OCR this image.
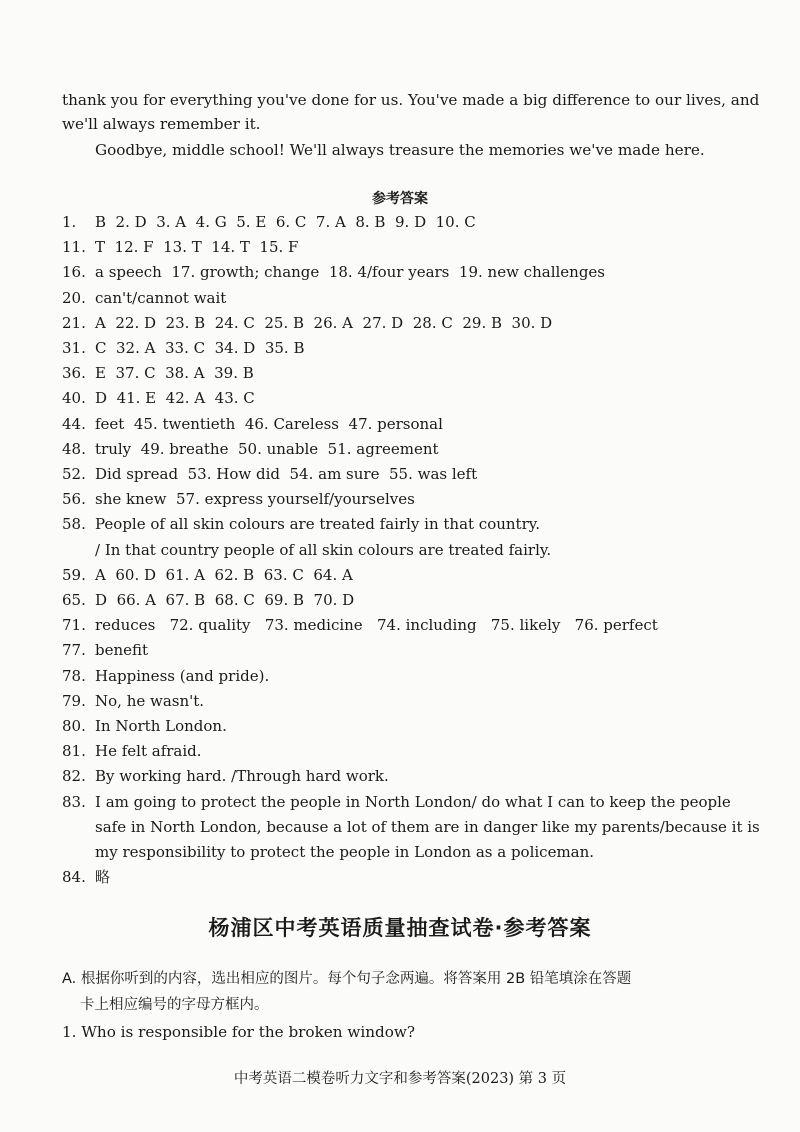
thank you for everything you've done for us. You've made a big difference to our lives, and
we'll always remember it.
Goodbye, middle school! We'll always treasure the memories we've made here.
参考答案
1. B  2. D  3. A  4. G  5. E  6. C  7. A  8. B  9. D  10. C
11. T  12. F  13. T  14. T  15. F
16. a speech  17. growth; change  18. 4/four years  19. new challenges
20. can't/cannot wait
21. A  22. D  23. B  24. C  25. B  26. A  27. D  28. C  29. B  30. D
31. C  32. A  33. C  34. D  35. B
36. E  37. C  38. A  39. B
40. D  41. E  42. A  43. C
44. feet  45. twentieth  46. Careless  47. personal
48. truly  49. breathe  50. unable  51. agreement
52. Did spread  53. How did  54. am sure  55. was left
56. she knew  57. express yourself/yourselves
58. People of all skin colours are treated fairly in that country.
/ In that country people of all skin colours are treated fairly.
59. A  60. D  61. A  62. B  63. C  64. A
65. D  66. A  67. B  68. C  69. B  70. D
71. reduces   72. quality   73. medicine   74. including   75. likely   76. perfect
77. benefit
78. Happiness (and pride).
79. No, he wasn't.
80. In North London.
81. He felt afraid.
82. By working hard. /Through hard work.
83. I am going to protect the people in North London/ do what I can to keep the people
safe in North London, because a lot of them are in danger like my parents/because it is
my responsibility to protect the people in London as a policeman.
84. 略
杨浦区中考英语质量抽查试卷·参考答案
A. 根据你听到的内容，选出相应的图片。每个句子念两遍。将答案用 2B 铅笔填涂在答题
卡上相应编号的字母方框内。
1. Who is responsible for the broken window?
中考英语二模卷听力文字和参考答案(2023) 第 3 页
